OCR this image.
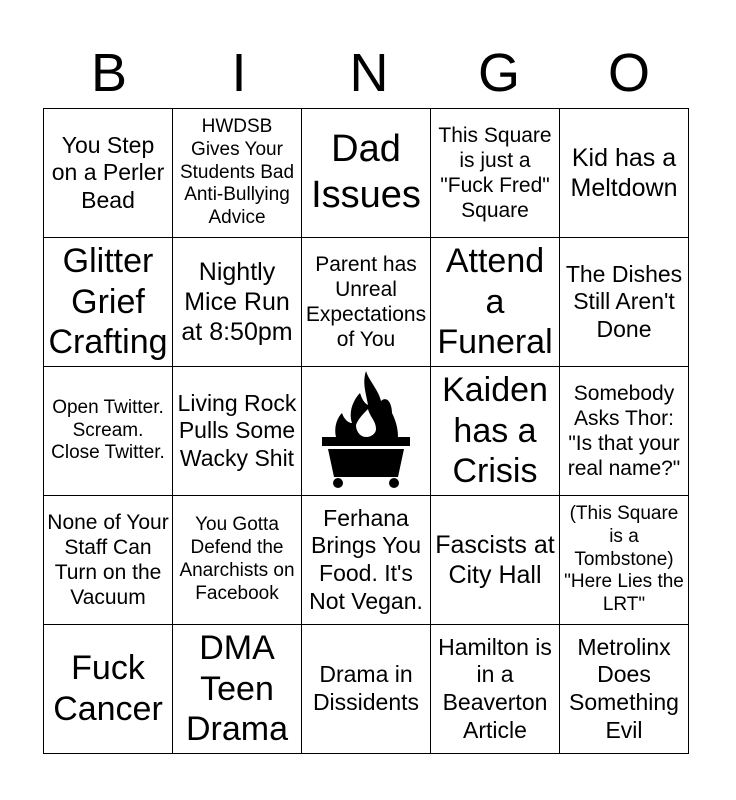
B	I	N	G	O
You Step on a Perler Bead	HWDSB Gives Your Students Bad Anti-Bullying Advice	Dad Issues	This Square is just a "Fuck Fred" Square	Kid has a Meltdown

Glitter Grief Crafting	Nightly Mice Run at 8:50pm	Parent has Unreal Expectations of You	Attend a Funeral	The Dishes Still Aren't Done

Open Twitter. Scream. Close Twitter.	Living Rock Pulls Some Wacky Shit		Kaiden has a Crisis	Somebody Asks Thor: "Is that your real name?"

None of Your Staff Can Turn on the Vacuum	You Gotta Defend the Anarchists on Facebook	Ferhana Brings You Food. It's Not Vegan.	Fascists at City Hall	(This Square is a Tombstone) "Here Lies the LRT"

Fuck Cancer	DMA Teen Drama	Drama in Dissidents	Hamilton is in a Beaverton Article	Metrolinx Does Something Evil
